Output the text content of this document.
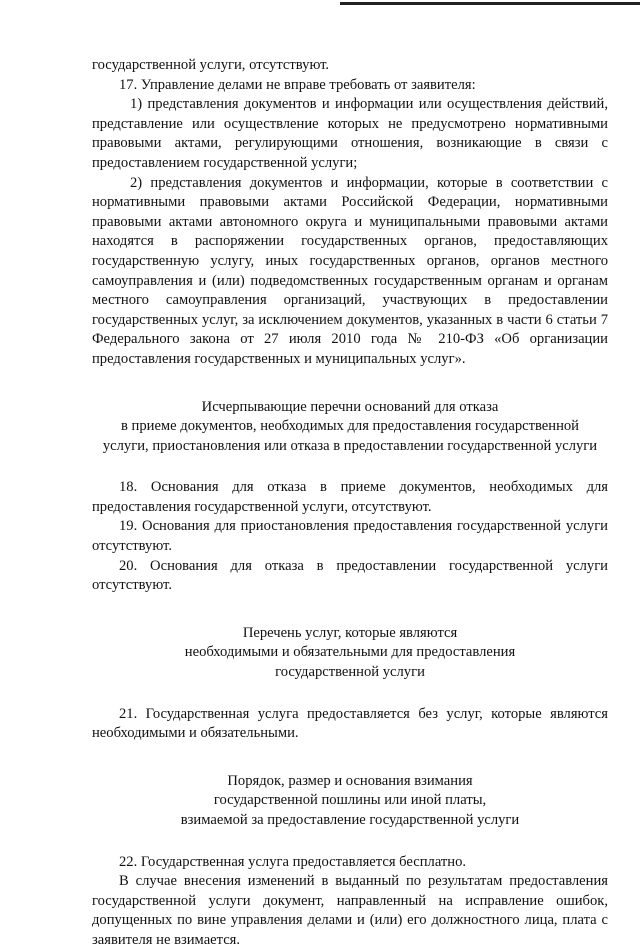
государственной услуги, отсутствуют.

17. Управление делами не вправе требовать от заявителя:

1) представления документов и информации или осуществления действий, представление или осуществление которых не предусмотрено нормативными правовыми актами, регулирующими отношения, возникающие в связи с предоставлением государственной услуги;

2) представления документов и информации, которые в соответствии с нормативными правовыми актами Российской Федерации, нормативными правовыми актами автономного округа и муниципальными правовыми актами находятся в распоряжении государственных органов, предоставляющих государственную услугу, иных государственных органов, органов местного самоуправления и (или) подведомственных государственным органам и органам местного самоуправления организаций, участвующих в предоставлении государственных услуг, за исключением документов, указанных в части 6 статьи 7 Федерального закона от 27 июля 2010 года № 210-ФЗ «Об организации предоставления государственных и муниципальных услуг».

Исчерпывающие перечни оснований для отказа

в приеме документов, необходимых для предоставления государственной

услуги, приостановления или отказа в предоставлении государственной услуги

18. Основания для отказа в приеме документов, необходимых для предоставления государственной услуги, отсутствуют.

19. Основания для приостановления предоставления государственной услуги отсутствуют.

20. Основания для отказа в предоставлении государственной услуги отсутствуют.

Перечень услуг, которые являются

необходимыми и обязательными для предоставления

государственной услуги

21. Государственная услуга предоставляется без услуг, которые являются необходимыми и обязательными.

Порядок, размер и основания взимания

государственной пошлины или иной платы,

взимаемой за предоставление государственной услуги

22. Государственная услуга предоставляется бесплатно.

В случае внесения изменений в выданный по результатам предоставления государственной услуги документ, направленный на исправление ошибок, допущенных по вине управления делами и (или) его должностного лица, плата с заявителя не взимается.
